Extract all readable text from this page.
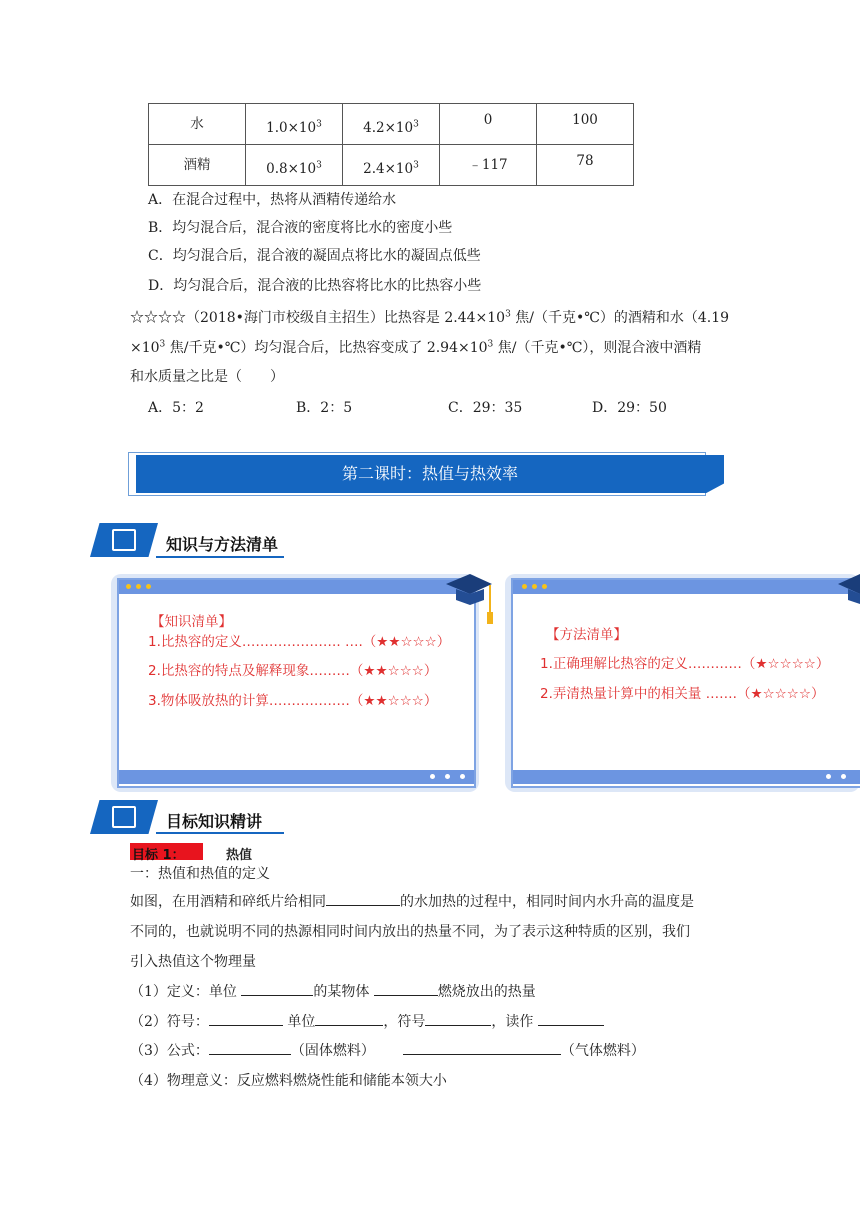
水	$1.0\times 10^3$	$4.2\times 10^3$	0	100
酒精	$0.8\times 10^3$	$2.4\times 10^3$	﹣117	78
A．在混合过程中，热将从酒精传递给水
B．均匀混合后，混合液的密度将比水的密度小些
C．均匀混合后，混合液的凝固点将比水的凝固点低些
D．均匀混合后，混合液的比热容将比水的比热容小些
☆☆☆☆（2018•海门市校级自主招生）比热容是 $2.44\times 10^3$ 焦/（千克•℃）的酒精和水（4.19
$\times 10^3$ 焦/千克•℃）均匀混合后，比热容变成了 $2.94\times 10^3$ 焦/（千克•℃），则混合液中酒精
和水质量之比是（　　）
A．5：2	B．2：5	C．29：35	D．29：50
第二课时：热值与热效率
知识与方法清单
【知识清单】
1.比热容的定义…………………. ….（★★☆☆☆）
2.比热容的特点及解释现象………（★★☆☆☆）
3.物体吸放热的计算………………（★★☆☆☆）
【方法清单】
1.正确理解比热容的定义…………（★☆☆☆☆）
2.弄清热量计算中的相关量 …….（★☆☆☆☆）
目标知识精讲
目标 1：	热值
一：热值和热值的定义
如图，在用酒精和碎纸片给相同	的水加热的过程中，相同时间内水升高的温度是
不同的，也就说明不同的热源相同时间内放出的热量不同，为了表示这种特质的区别，我们
引入热值这个物理量
（1）定义：单位	的某物体	燃烧放出的热量
（2）符号：	单位	，符号	，读作
（3）公式：	（固体燃料）	（气体燃料）
（4）物理意义：反应燃料燃烧性能和储能本领大小
